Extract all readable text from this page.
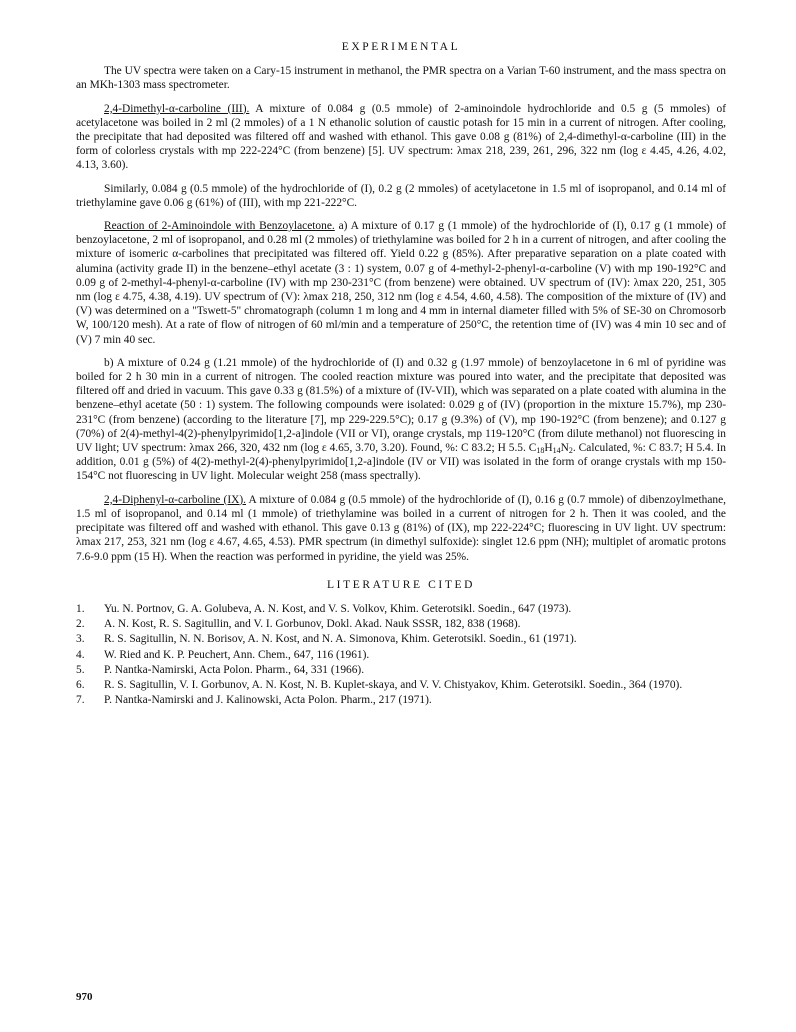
EXPERIMENTAL

The UV spectra were taken on a Cary-15 instrument in methanol, the PMR spectra on a Varian T-60 instrument, and the mass spectra on an MKh-1303 mass spectrometer.

2,4-Dimethyl-α-carboline (III). A mixture of 0.084 g (0.5 mmole) of 2-aminoindole hydrochloride and 0.5 g (5 mmoles) of acetylacetone was boiled in 2 ml (2 mmoles) of a 1 N ethanolic solution of caustic potash for 15 min in a current of nitrogen. After cooling, the precipitate that had deposited was filtered off and washed with ethanol. This gave 0.08 g (81%) of 2,4-dimethyl-α-carboline (III) in the form of colorless crystals with mp 222-224°C (from benzene) [5]. UV spectrum: λmax 218, 239, 261, 296, 322 nm (log ε 4.45, 4.26, 4.02, 4.13, 3.60).

Similarly, 0.084 g (0.5 mmole) of the hydrochloride of (I), 0.2 g (2 mmoles) of acetylacetone in 1.5 ml of isopropanol, and 0.14 ml of triethylamine gave 0.06 g (61%) of (III), with mp 221-222°C.

Reaction of 2-Aminoindole with Benzoylacetone. a) A mixture of 0.17 g (1 mmole) of the hydrochloride of (I), 0.17 g (1 mmole) of benzoylacetone, 2 ml of isopropanol, and 0.28 ml (2 mmoles) of triethylamine was boiled for 2 h in a current of nitrogen, and after cooling the mixture of isomeric α-carbolines that precipitated was filtered off. Yield 0.22 g (85%). After preparative separation on a plate coated with alumina (activity grade II) in the benzene–ethyl acetate (3 : 1) system, 0.07 g of 4-methyl-2-phenyl-α-carboline (V) with mp 190-192°C and 0.09 g of 2-methyl-4-phenyl-α-carboline (IV) with mp 230-231°C (from benzene) were obtained. UV spectrum of (IV): λmax 220, 251, 305 nm (log ε 4.75, 4.38, 4.19). UV spectrum of (V): λmax 218, 250, 312 nm (log ε 4.54, 4.60, 4.58). The composition of the mixture of (IV) and (V) was determined on a "Tswett-5" chromatograph (column 1 m long and 4 mm in internal diameter filled with 5% of SE-30 on Chromosorb W, 100/120 mesh). At a rate of flow of nitrogen of 60 ml/min and a temperature of 250°C, the retention time of (IV) was 4 min 10 sec and of (V) 7 min 40 sec.

b) A mixture of 0.24 g (1.21 mmole) of the hydrochloride of (I) and 0.32 g (1.97 mmole) of benzoylacetone in 6 ml of pyridine was boiled for 2 h 30 min in a current of nitrogen. The cooled reaction mixture was poured into water, and the precipitate that deposited was filtered off and dried in vacuum. This gave 0.33 g (81.5%) of a mixture of (IV-VII), which was separated on a plate coated with alumina in the benzene–ethyl acetate (50 : 1) system. The following compounds were isolated: 0.029 g of (IV) (proportion in the mixture 15.7%), mp 230-231°C (from benzene) (according to the literature [7], mp 229-229.5°C); 0.17 g (9.3%) of (V), mp 190-192°C (from benzene); and 0.127 g (70%) of 2(4)-methyl-4(2)-phenylpyrimido[1,2-a]indole (VII or VI), orange crystals, mp 119-120°C (from dilute methanol) not fluorescing in UV light; UV spectrum: λmax 266, 320, 432 nm (log ε 4.65, 3.70, 3.20). Found, %: C 83.2; H 5.5. $C_{18}H_{14}N_2$. Calculated, %: C 83.7; H 5.4. In addition, 0.01 g (5%) of 4(2)-methyl-2(4)-phenylpyrimido[1,2-a]indole (IV or VII) was isolated in the form of orange crystals with mp 150-154°C not fluorescing in UV light. Molecular weight 258 (mass spectrally).

2,4-Diphenyl-α-carboline (IX). A mixture of 0.084 g (0.5 mmole) of the hydrochloride of (I), 0.16 g (0.7 mmole) of dibenzoylmethane, 1.5 ml of isopropanol, and 0.14 ml (1 mmole) of triethylamine was boiled in a current of nitrogen for 2 h. Then it was cooled, and the precipitate was filtered off and washed with ethanol. This gave 0.13 g (81%) of (IX), mp 222-224°C; fluorescing in UV light. UV spectrum: λmax 217, 253, 321 nm (log ε 4.67, 4.65, 4.53). PMR spectrum (in dimethyl sulfoxide): singlet 12.6 ppm (NH); multiplet of aromatic protons 7.6-9.0 ppm (15 H). When the reaction was performed in pyridine, the yield was 25%.

LITERATURE CITED
1.	Yu. N. Portnov, G. A. Golubeva, A. N. Kost, and V. S. Volkov, Khim. Geterotsikl. Soedin., 647 (1973).
2.	A. N. Kost, R. S. Sagitullin, and V. I. Gorbunov, Dokl. Akad. Nauk SSSR, 182, 838 (1968).
3.	R. S. Sagitullin, N. N. Borisov, A. N. Kost, and N. A. Simonova, Khim. Geterotsikl. Soedin., 61 (1971).
4.	W. Ried and K. P. Peuchert, Ann. Chem., 647, 116 (1961).
5.	P. Nantka-Namirski, Acta Polon. Pharm., 64, 331 (1966).
6.	R. S. Sagitullin, V. I. Gorbunov, A. N. Kost, N. B. Kuplet-skaya, and V. V. Chistyakov, Khim. Geterotsikl. Soedin., 364 (1970).
7.	P. Nantka-Namirski and J. Kalinowski, Acta Polon. Pharm., 217 (1971).
970
